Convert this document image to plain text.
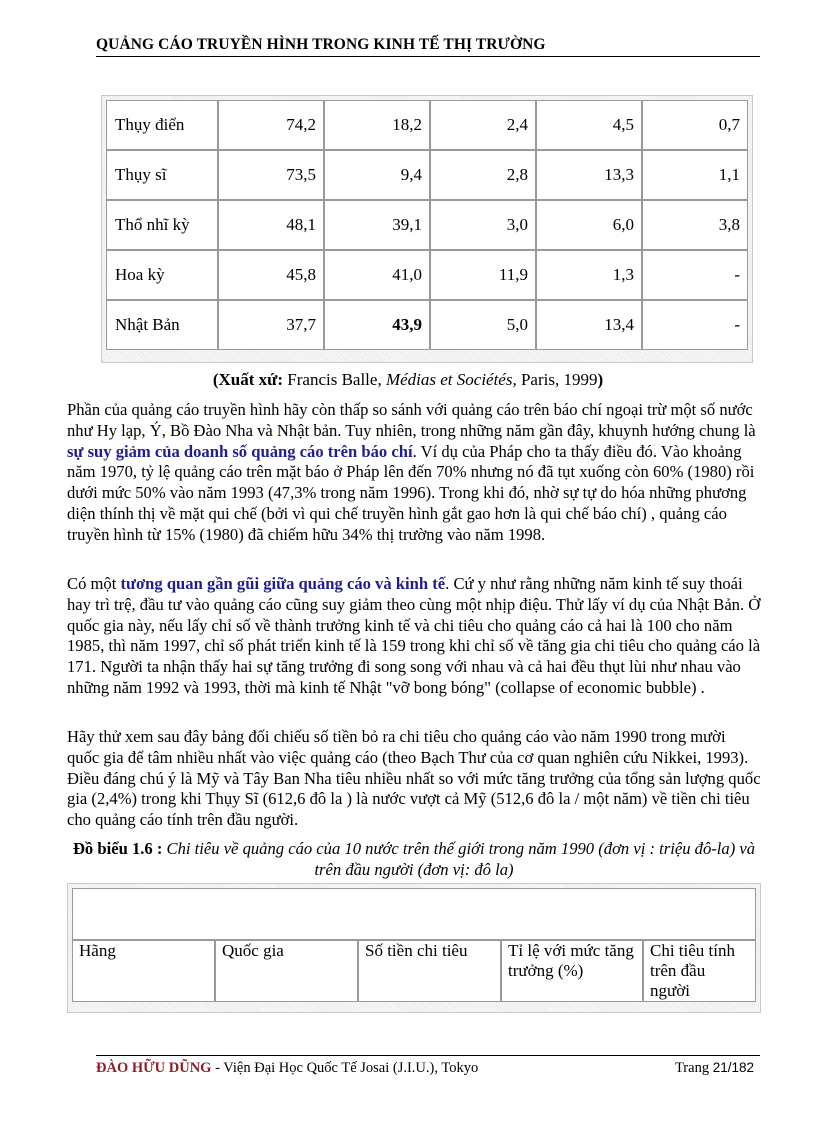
QUẢNG CÁO TRUYỀN HÌNH TRONG KINH TẾ THỊ TRƯỜNG
Thụy điển	74,2	18,2	2,4	4,5	0,7
Thụy sĩ	73,5	9,4	2,8	13,3	1,1
Thổ nhĩ kỳ	48,1	39,1	3,0	6,0	3,8
Hoa kỳ	45,8	41,0	11,9	1,3	-
Nhật Bản	37,7	43,9	5,0	13,4	-
(Xuất xứ: Francis Balle, Médias et Sociétés, Paris, 1999)
Phần của quảng cáo truyền hình hãy còn thấp so sánh với quảng cáo trên báo chí ngoại trừ một số nước như Hy lạp, Ý, Bồ Đào Nha và Nhật bản. Tuy nhiên, trong những năm gần đây, khuynh hướng chung là sự suy giảm của doanh số quảng cáo trên báo chí. Ví dụ của Pháp cho ta thấy điều đó. Vào khoảng năm 1970, tỷ lệ quảng cáo trên mặt báo ở Pháp lên đến 70% nhưng nó đã tụt xuống còn 60% (1980) rồi dưới mức 50% vào năm 1993 (47,3% trong năm 1996). Trong khi đó, nhờ sự tự do hóa những phương diện thính thị về mặt qui chế (bởi vì qui chế truyền hình gắt gao hơn là qui chế báo chí) , quảng cáo truyền hình từ 15% (1980) đã chiếm hữu 34% thị trường vào năm 1998.
Có một tương quan gần gũi giữa quảng cáo và kinh tế. Cứ y như rằng những năm kinh tế suy thoái hay trì trệ, đầu tư vào quảng cáo cũng suy giảm theo cùng một nhịp điệu. Thử lấy ví dụ của Nhật Bản. Ở quốc gia này, nếu lấy chỉ số về thành trưởng kinh tế và chi tiêu cho quảng cáo cả hai là 100 cho năm 1985, thì năm 1997, chỉ số phát triển kinh tế là 159 trong khi chỉ số về tăng gia chi tiêu cho quảng cáo là 171. Người ta nhận thấy hai sự tăng trưởng đi song song với nhau và cả hai đều thụt lùi như nhau vào những năm 1992 và 1993, thời mà kinh tế Nhật "vỡ bong bóng" (collapse of economic bubble) .
Hãy thử xem sau đây bảng đối chiếu số tiền bỏ ra chi tiêu cho quảng cáo vào năm 1990 trong mười quốc gia để tâm nhiều nhất vào việc quảng cáo (theo Bạch Thư của cơ quan nghiên cứu Nikkei, 1993). Điều đáng chú ý là Mỹ và Tây Ban Nha tiêu nhiều nhất so với mức tăng trưởng của tổng sản lượng quốc gia (2,4%) trong khi Thụy Sĩ (612,6 đô la ) là nước vượt cả Mỹ (512,6 đô la / một năm) về tiền chi tiêu cho quảng cáo tính trên đầu người.
Đồ biểu 1.6 : Chi tiêu về quảng cáo của 10 nước trên thế giới trong năm 1990 (đơn vị : triệu đô-la) và trên đầu người (đơn vị: đô la)

Hãng	Quốc gia	Số tiền chi tiêu	Tỉ lệ với mức tăng trưởng (%)	Chi tiêu tính trên đầu người
ĐÀO HỮU DŨNG - Viện Đại Học Quốc Tế Josai (J.I.U.), Tokyo	Trang 21/182
